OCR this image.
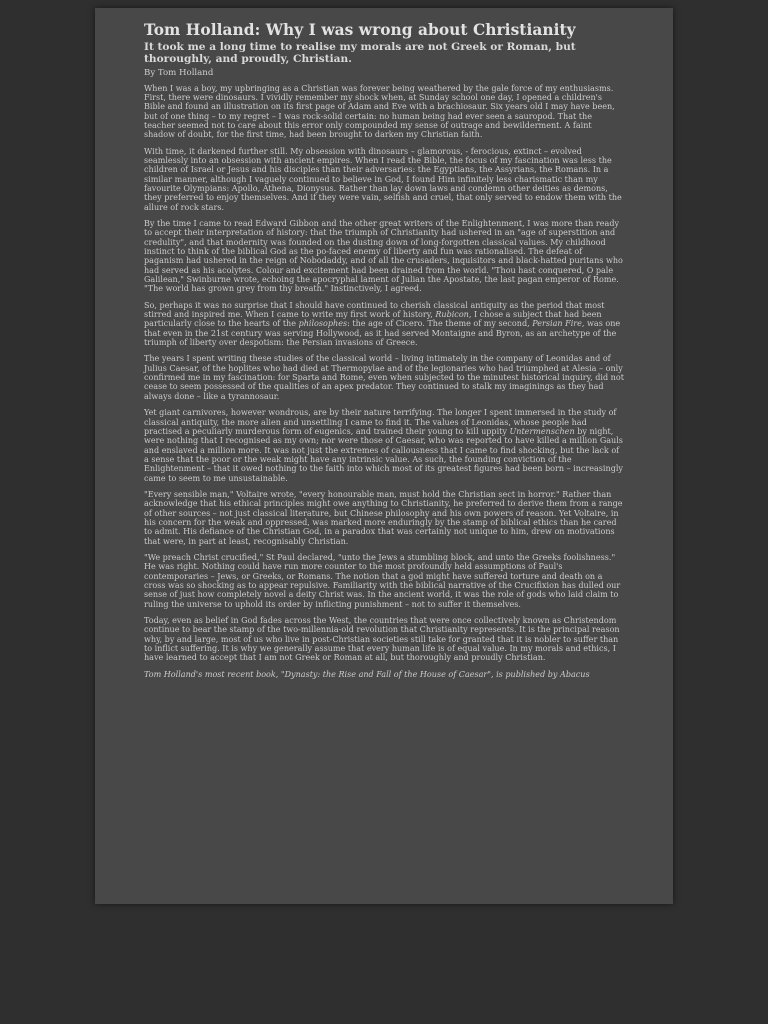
Tom Holland: Why I was wrong about Christianity
It took me a long time to realise my morals are not Greek or Roman, but thoroughly, and proudly, Christian.
By Tom Holland

When I was a boy, my upbringing as a Christian was forever being weathered by the gale force of my enthusiasms. First, there were dinosaurs. I vividly remember my shock when, at Sunday school one day, I opened a children's Bible and found an illustration on its first page of Adam and Eve with a brachiosaur. Six years old I may have been, but of one thing – to my regret – I was rock-solid certain: no human being had ever seen a sauropod. That the teacher seemed not to care about this error only compounded my sense of outrage and bewilderment. A faint shadow of doubt, for the first time, had been brought to darken my Christian faith.

With time, it darkened further still. My obsession with dinosaurs – glamorous, - ferocious, extinct – evolved seamlessly into an obsession with ancient empires. When I read the Bible, the focus of my fascination was less the children of Israel or Jesus and his disciples than their adversaries: the Egyptians, the Assyrians, the Romans. In a similar manner, although I vaguely continued to believe in God, I found Him infinitely less charismatic than my favourite Olympians: Apollo, Athena, Dionysus. Rather than lay down laws and condemn other deities as demons, they preferred to enjoy themselves. And if they were vain, selfish and cruel, that only served to endow them with the allure of rock stars.

By the time I came to read Edward Gibbon and the other great writers of the Enlightenment, I was more than ready to accept their interpretation of history: that the triumph of Christianity had ushered in an "age of superstition and credulity", and that modernity was founded on the dusting down of long-forgotten classical values. My childhood instinct to think of the biblical God as the po-faced enemy of liberty and fun was rationalised. The defeat of paganism had ushered in the reign of Nobodaddy, and of all the crusaders, inquisitors and black-hatted puritans who had served as his acolytes. Colour and excitement had been drained from the world. "Thou hast conquered, O pale Galilean," Swinburne wrote, echoing the apocryphal lament of Julian the Apostate, the last pagan emperor of Rome. "The world has grown grey from thy breath." Instinctively, I agreed.

So, perhaps it was no surprise that I should have continued to cherish classical antiquity as the period that most stirred and inspired me. When I came to write my first work of history, Rubicon, I chose a subject that had been particularly close to the hearts of the philosophes: the age of Cicero. The theme of my second, Persian Fire, was one that even in the 21st century was serving Hollywood, as it had served Montaigne and Byron, as an archetype of the triumph of liberty over despotism: the Persian invasions of Greece.

The years I spent writing these studies of the classical world – living intimately in the company of Leonidas and of Julius Caesar, of the hoplites who had died at Thermopylae and of the legionaries who had triumphed at Alesia – only confirmed me in my fascination: for Sparta and Rome, even when subjected to the minutest historical inquiry, did not cease to seem possessed of the qualities of an apex predator. They continued to stalk my imaginings as they had always done – like a tyrannosaur.

Yet giant carnivores, however wondrous, are by their nature terrifying. The longer I spent immersed in the study of classical antiquity, the more alien and unsettling I came to find it. The values of Leonidas, whose people had practised a peculiarly murderous form of eugenics, and trained their young to kill uppity Untermenschen by night, were nothing that I recognised as my own; nor were those of Caesar, who was reported to have killed a million Gauls and enslaved a million more. It was not just the extremes of callousness that I came to find shocking, but the lack of a sense that the poor or the weak might have any intrinsic value. As such, the founding conviction of the Enlightenment – that it owed nothing to the faith into which most of its greatest figures had been born – increasingly came to seem to me unsustainable.

"Every sensible man," Voltaire wrote, "every honourable man, must hold the Christian sect in horror." Rather than acknowledge that his ethical principles might owe anything to Christianity, he preferred to derive them from a range of other sources – not just classical literature, but Chinese philosophy and his own powers of reason. Yet Voltaire, in his concern for the weak and oppressed, was marked more enduringly by the stamp of biblical ethics than he cared to admit. His defiance of the Christian God, in a paradox that was certainly not unique to him, drew on motivations that were, in part at least, recognisably Christian.

"We preach Christ crucified," St Paul declared, "unto the Jews a stumbling block, and unto the Greeks foolishness." He was right. Nothing could have run more counter to the most profoundly held assumptions of Paul's contemporaries – Jews, or Greeks, or Romans. The notion that a god might have suffered torture and death on a cross was so shocking as to appear repulsive. Familiarity with the biblical narrative of the Crucifixion has dulled our sense of just how completely novel a deity Christ was. In the ancient world, it was the role of gods who laid claim to ruling the universe to uphold its order by inflicting punishment – not to suffer it themselves.

Today, even as belief in God fades across the West, the countries that were once collectively known as Christendom continue to bear the stamp of the two-millennia-old revolution that Christianity represents. It is the principal reason why, by and large, most of us who live in post-Christian societies still take for granted that it is nobler to suffer than to inflict suffering. It is why we generally assume that every human life is of equal value. In my morals and ethics, I have learned to accept that I am not Greek or Roman at all, but thoroughly and proudly Christian.

Tom Holland's most recent book, "Dynasty: the Rise and Fall of the House of Caesar", is published by Abacus
